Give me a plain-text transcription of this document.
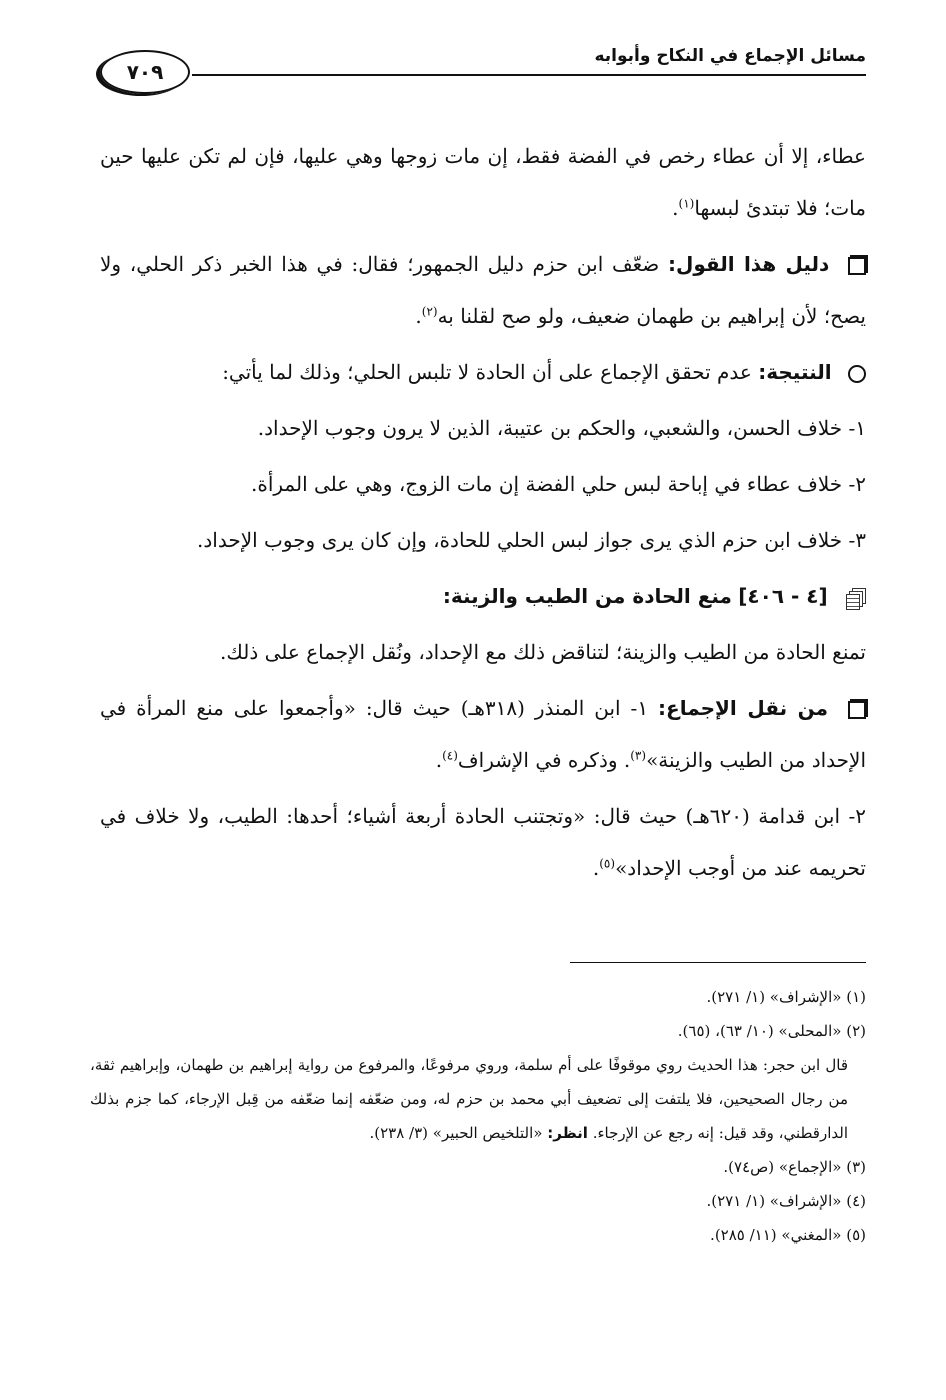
مسائل الإجماع في النكاح وأبوابه
٧٠٩

عطاء، إلا أن عطاء رخص في الفضة فقط، إن مات زوجها وهي عليها، فإن لم تكن عليها حين مات؛ فلا تبتدئ لبسها$^{(١)}$.

دليل هذا القول: ضعّف ابن حزم دليل الجمهور؛ فقال: في هذا الخبر ذكر الحلي، ولا يصح؛ لأن إبراهيم بن طهمان ضعيف، ولو صح لقلنا به$^{(٢)}$.

النتيجة: عدم تحقق الإجماع على أن الحادة لا تلبس الحلي؛ وذلك لما يأتي:

١- خلاف الحسن، والشعبي، والحكم بن عتيبة، الذين لا يرون وجوب الإحداد.

٢- خلاف عطاء في إباحة لبس حلي الفضة إن مات الزوج، وهي على المرأة.

٣- خلاف ابن حزم الذي يرى جواز لبس الحلي للحادة، وإن كان يرى وجوب الإحداد.

[٤ - ٤٠٦] منع الحادة من الطيب والزينة:

تمنع الحادة من الطيب والزينة؛ لتناقض ذلك مع الإحداد، ونُقل الإجماع على ذلك.

من نقل الإجماع: ١- ابن المنذر (٣١٨هـ) حيث قال: «وأجمعوا على منع المرأة في الإحداد من الطيب والزينة»$^{(٣)}$. وذكره في الإشراف$^{(٤)}$.

٢- ابن قدامة (٦٢٠هـ) حيث قال: «وتجتنب الحادة أربعة أشياء؛ أحدها: الطيب، ولا خلاف في تحريمه عند من أوجب الإحداد»$^{(٥)}$.

(١) «الإشراف» (١/ ٢٧١).

(٢) «المحلى» (١٠/ ٦٣)، (٦٥).

قال ابن حجر: هذا الحديث روي موقوفًا على أم سلمة، وروي مرفوعًا، والمرفوع من رواية إبراهيم بن طهمان، وإبراهيم ثقة، من رجال الصحيحين، فلا يلتفت إلى تضعيف أبي محمد بن حزم له، ومن ضعّفه إنما ضعّفه من قِبل الإرجاء، كما جزم بذلك الدارقطني، وقد قيل: إنه رجع عن الإرجاء. انظر: «التلخيص الحبير» (٣/ ٢٣٨).

(٣) «الإجماع» (ص٧٤).

(٤) «الإشراف» (١/ ٢٧١).

(٥) «المغني» (١١/ ٢٨٥).
